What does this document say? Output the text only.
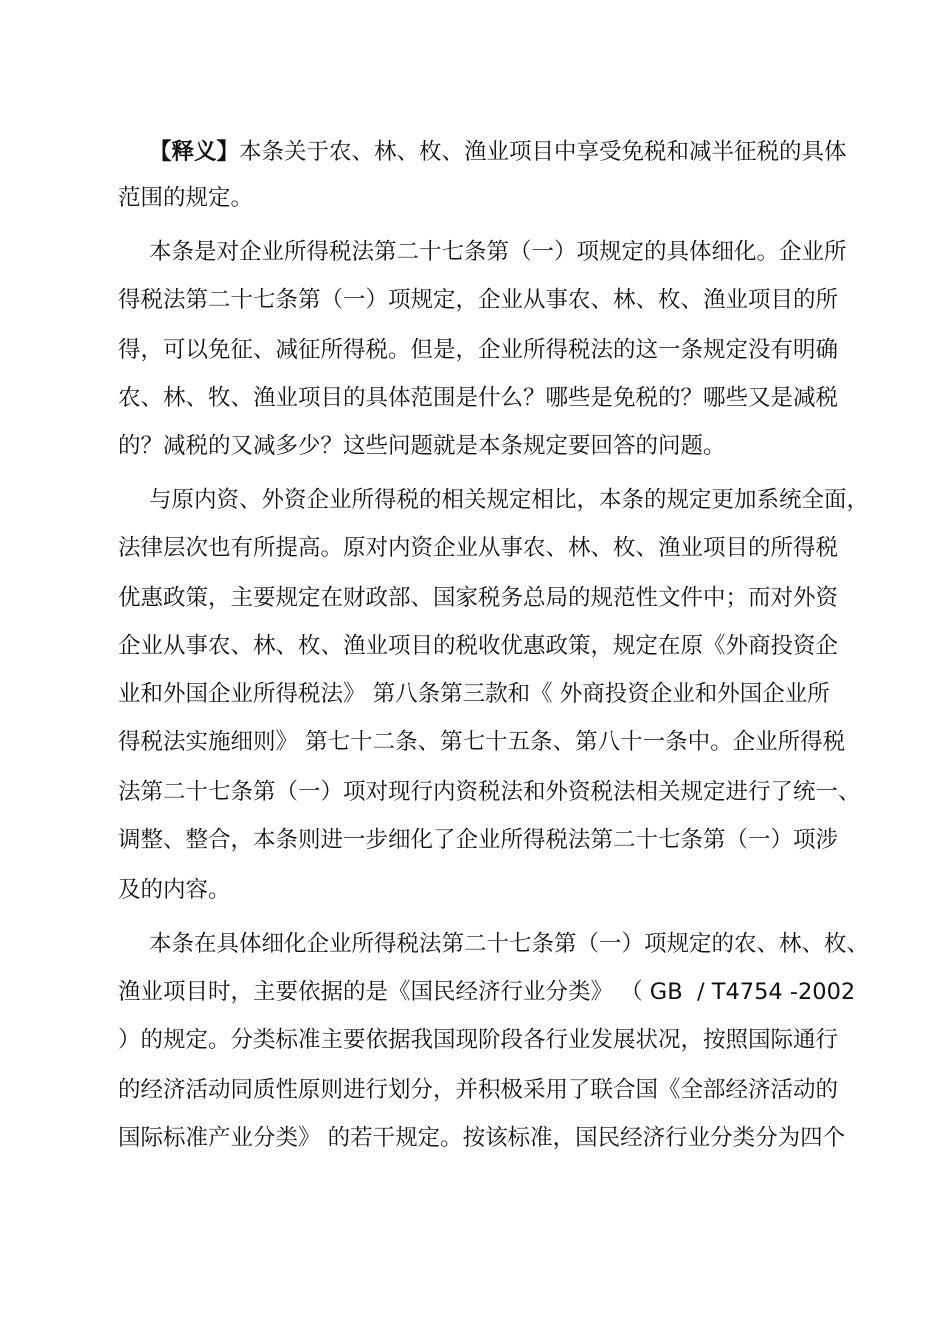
【释义】本条关于农、林、枚、渔业项目中享受免税和减半征税的具体
范围的规定。
本条是对企业所得税法第二十七条第（一）项规定的具体细化。企业所
得税法第二十七条第（一）项规定，企业从事农、林、枚、渔业项目的所
得，可以免征、减征所得税。但是，企业所得税法的这一条规定没有明确
农、林、牧、渔业项目的具体范围是什么？哪些是免税的？哪些又是减税
的？减税的又减多少？这些问题就是本条规定要回答的问题。
与原内资、外资企业所得税的相关规定相比，本条的规定更加系统全面，
法律层次也有所提高。原对内资企业从事农、林、枚、渔业项目的所得税
优惠政策，主要规定在财政部、国家税务总局的规范性文件中；而对外资
企业从事农、林、枚、渔业项目的税收优惠政策，规定在原《外商投资企
业和外国企业所得税法》 第八条第三款和《 外商投资企业和外国企业所
得税法实施细则》 第七十二条、第七十五条、第八十一条中。企业所得税
法第二十七条第（一）项对现行内资税法和外资税法相关规定进行了统一、
调整、整合，本条则进一步细化了企业所得税法第二十七条第（一）项涉
及的内容。
本条在具体细化企业所得税法第二十七条第（一）项规定的农、林、枚、
渔业项目时，主要依据的是《国民经济行业分类》 （ GB  / T4754 -2002
）的规定。分类标准主要依据我国现阶段各行业发展状况，按照国际通行
的经济活动同质性原则进行划分，并积极采用了联合国《全部经济活动的
国际标准产业分类》 的若干规定。按该标准，国民经济行业分类分为四个
